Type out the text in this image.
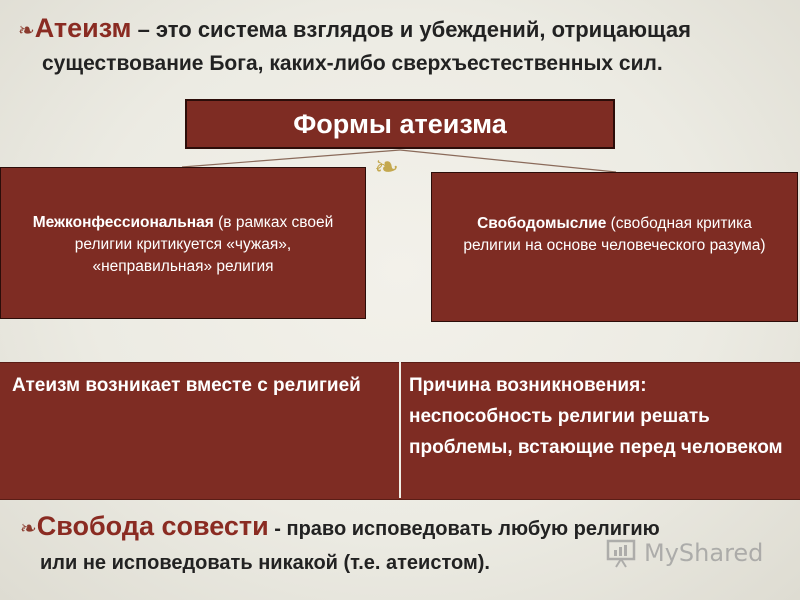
❧Атеизм – это система взглядов и убеждений, отрицающая
существование Бога, каких-либо сверхъестественных сил.
Формы атеизма
❧
Межконфессиональная (в рамках своей религии критикуется «чужая», «неправильная» религия
Свободомыслие (свободная критика религии на основе человеческого разума)
Атеизм возникает вместе с религией	Причина возникновения: неспособность религии решать проблемы, встающие перед человеком
❧Свобода совести - право исповедовать любую религию
или не исповедовать никакой (т.е. атеистом).	MyShared
